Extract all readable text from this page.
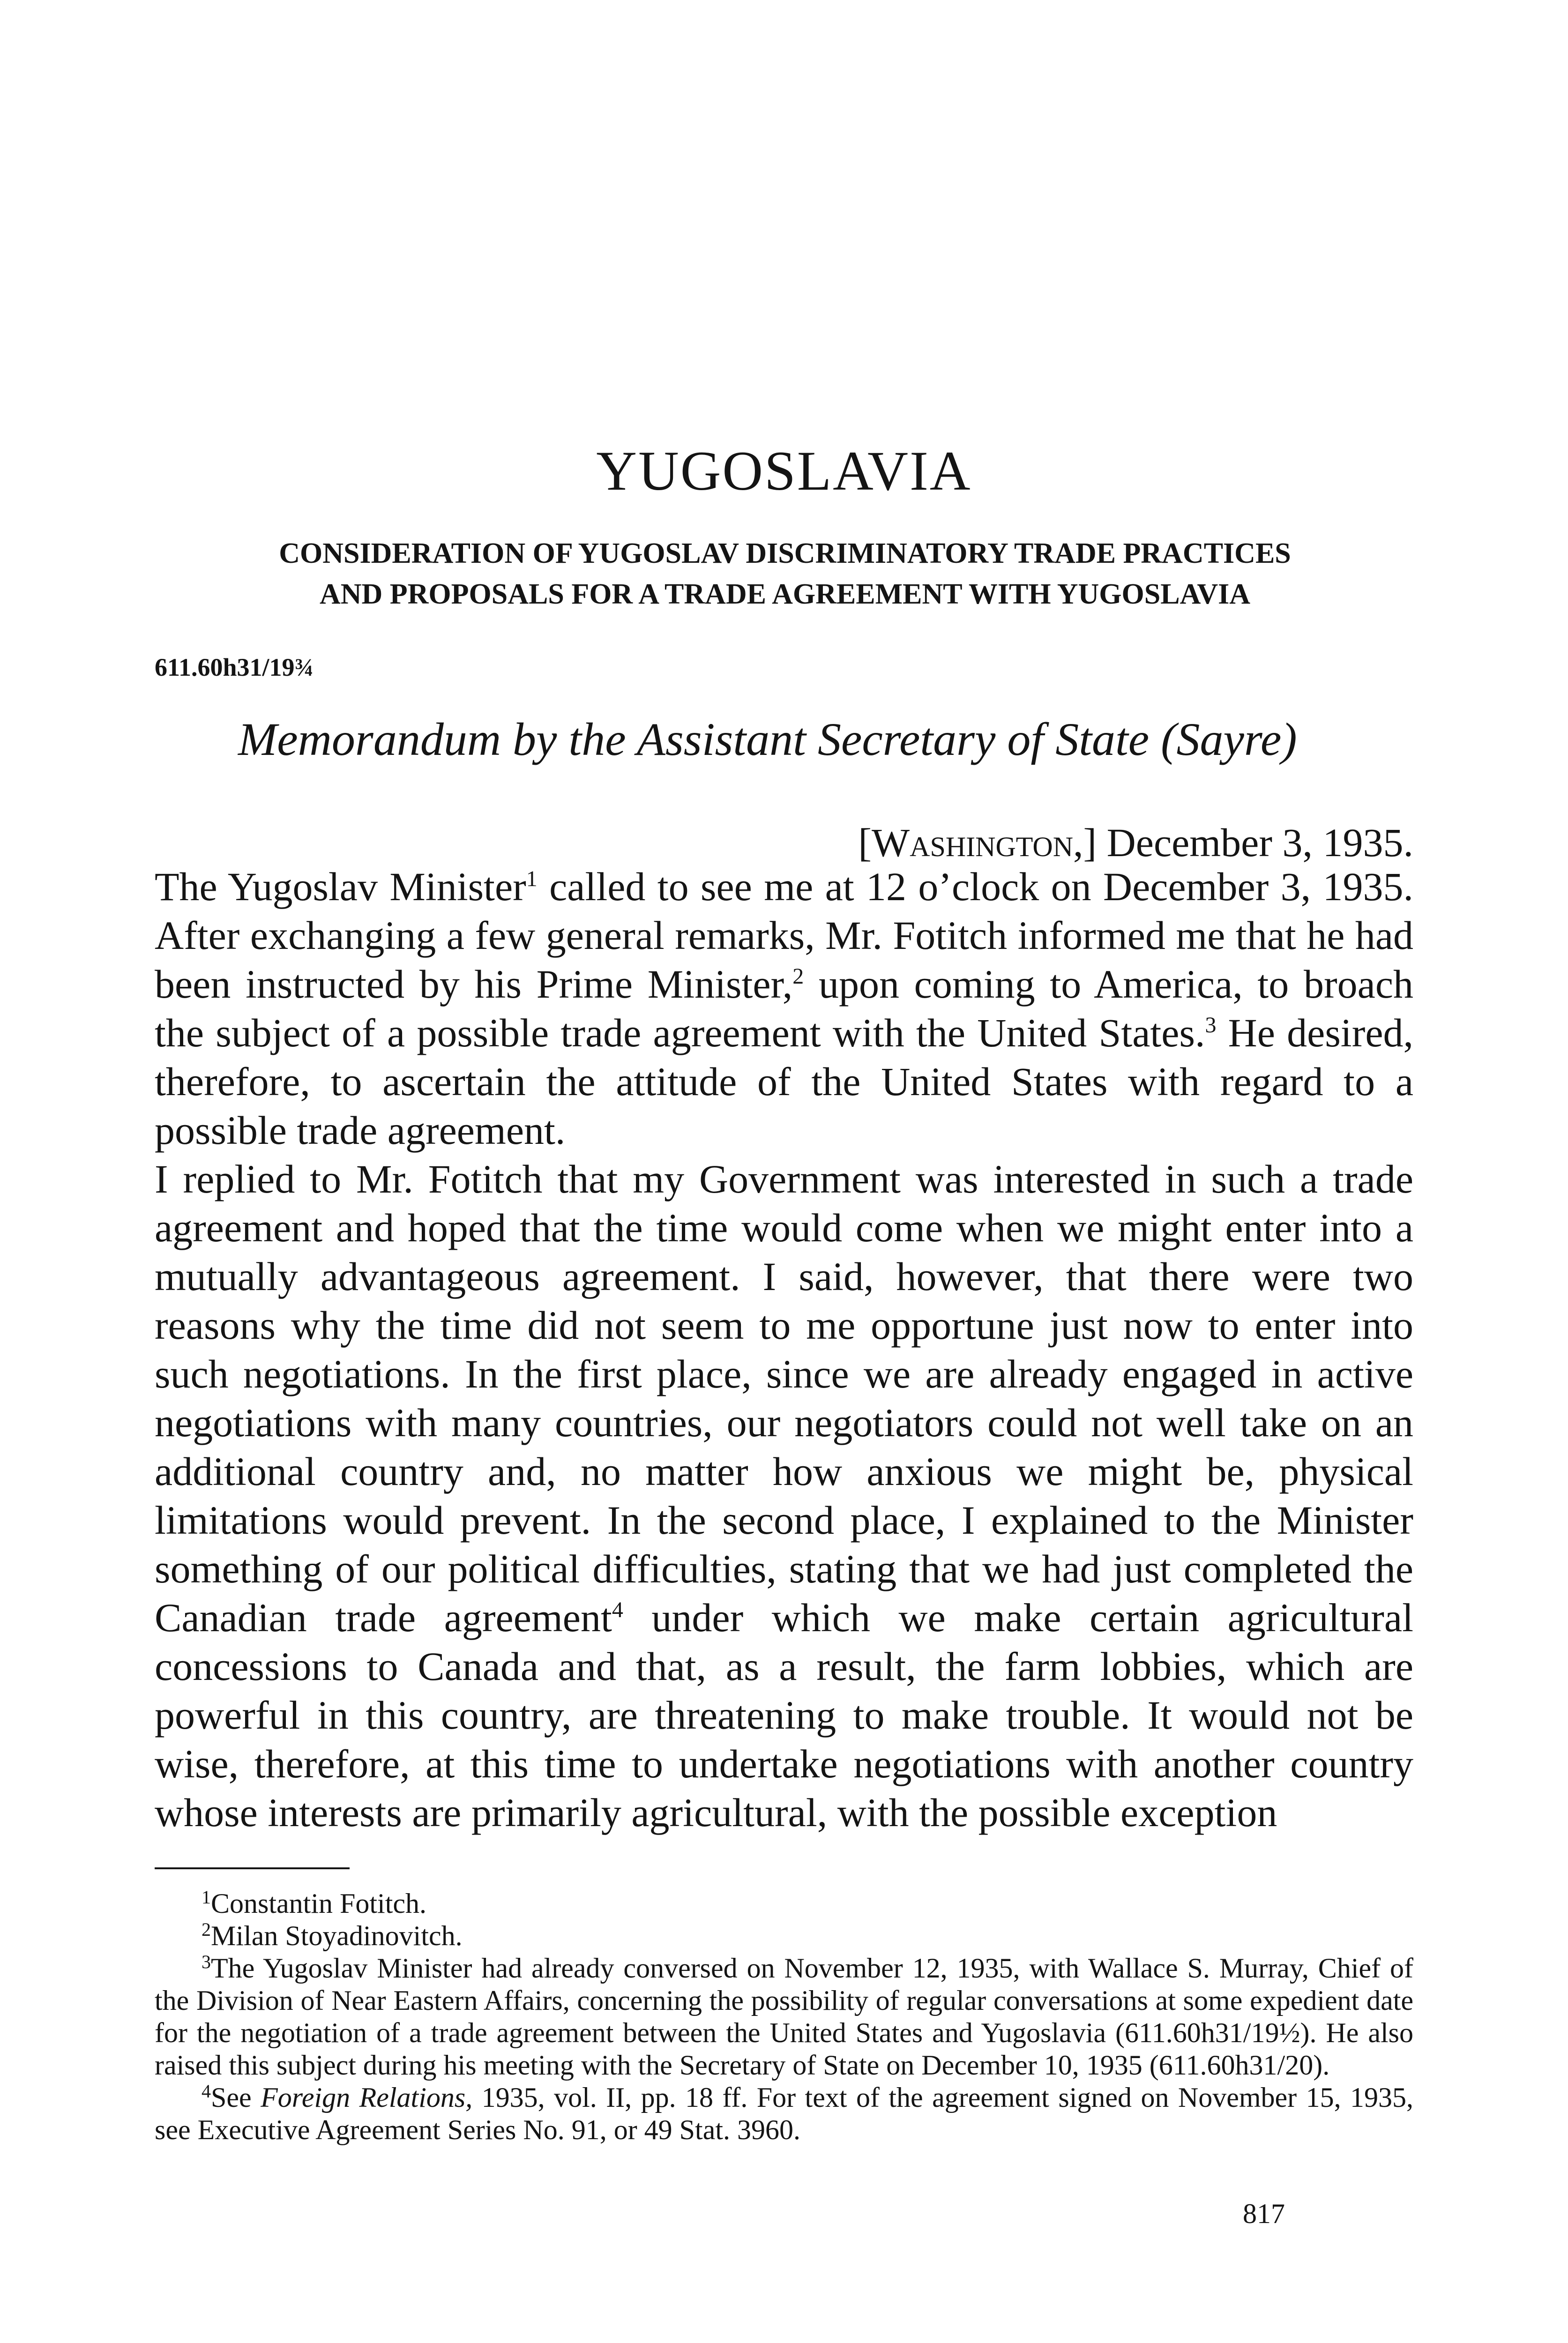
YUGOSLAVIA
CONSIDERATION OF YUGOSLAV DISCRIMINATORY TRADE PRACTICES
AND PROPOSALS FOR A TRADE AGREEMENT WITH YUGOSLAVIA
611.60h31/19¾
Memorandum by the Assistant Secretary of State (Sayre)
[Washington,] December 3, 1935.

The Yugoslav Minister$^1$ called to see me at 12 o’clock on December 3, 1935. After exchanging a few general remarks, Mr. Fotitch informed me that he had been instructed by his Prime Minister,$^2$ upon coming to America, to broach the subject of a possible trade agreement with the United States.$^3$ He desired, therefore, to ascertain the attitude of the United States with regard to a possible trade agreement.

I replied to Mr. Fotitch that my Government was interested in such a trade agreement and hoped that the time would come when we might enter into a mutually advantageous agreement. I said, however, that there were two reasons why the time did not seem to me opportune just now to enter into such negotiations. In the first place, since we are already engaged in active negotiations with many countries, our negotiators could not well take on an additional country and, no matter how anxious we might be, physical limitations would prevent. In the second place, I explained to the Minister something of our political difficulties, stating that we had just completed the Canadian trade agreement$^4$ under which we make certain agricultural concessions to Canada and that, as a result, the farm lobbies, which are powerful in this country, are threatening to make trouble. It would not be wise, therefore, at this time to undertake negotiations with another country whose interests are primarily agricultural, with the possible exception

$^1$Constantin Fotitch.

$^2$Milan Stoyadinovitch.

$^3$The Yugoslav Minister had already conversed on November 12, 1935, with Wallace S. Murray, Chief of the Division of Near Eastern Affairs, concerning the possibility of regular conversations at some expedient date for the negotiation of a trade agreement between the United States and Yugoslavia (611.60h31/19½). He also raised this subject during his meeting with the Secretary of State on December 10, 1935 (611.60h31/20).

$^4$See Foreign Relations, 1935, vol. II, pp. 18 ff. For text of the agreement signed on November 15, 1935, see Executive Agreement Series No. 91, or 49 Stat. 3960.

817
